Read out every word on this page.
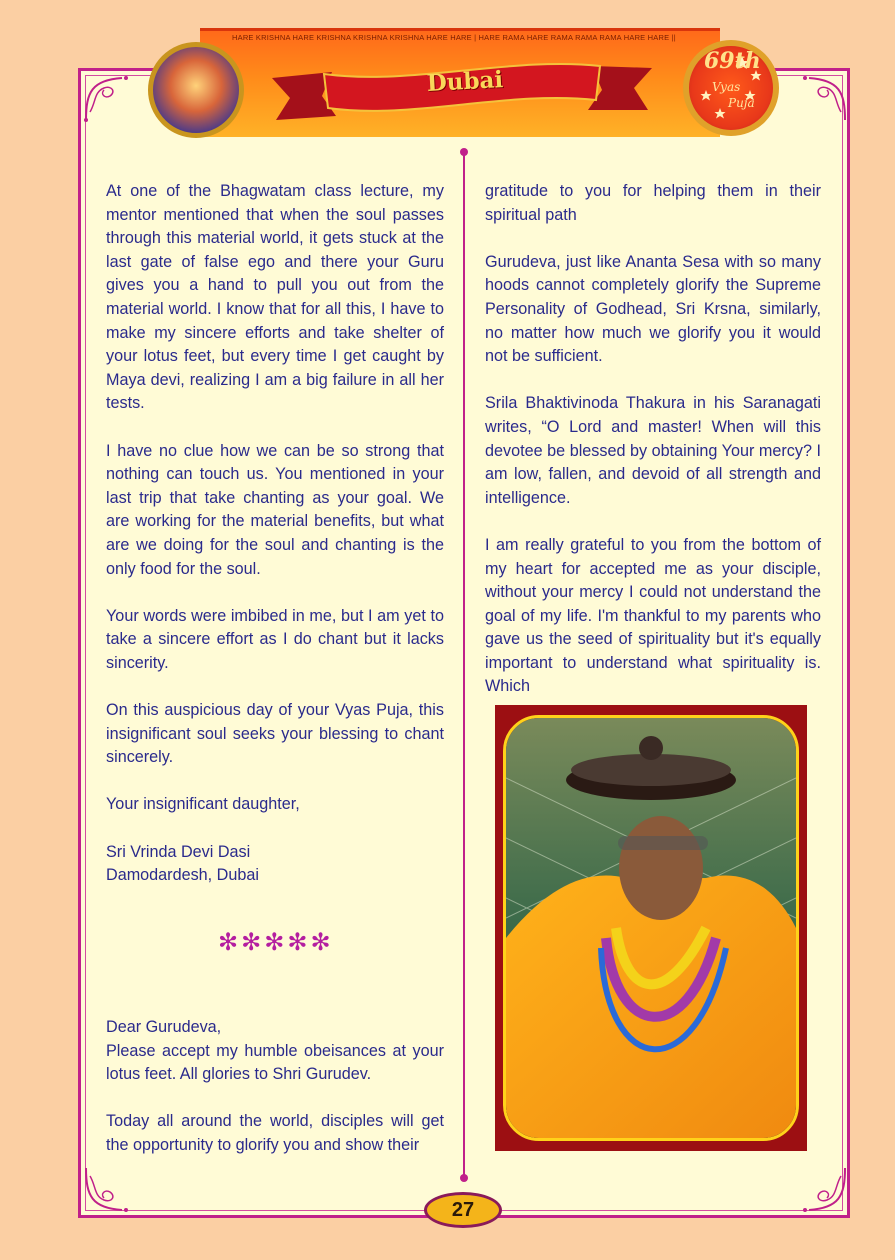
HARE KRISHNA HARE KRISHNA KRISHNA KRISHNA HARE HARE | HARE RAMA HARE RAMA RAMA RAMA HARE HARE ||
Dubai
69th
Vyas
Puja

At one of the Bhagwatam class lecture, my mentor mentioned that when the soul passes through this material world, it gets stuck at the last gate of false ego and there your Guru gives you a hand to pull you out from the material world. I know that for all this, I have to make my sincere efforts and take shelter of your lotus feet, but every time I get caught by Maya devi, realizing I am a big failure in all her tests.

I have no clue how we can be so strong that nothing can touch us. You mentioned in your last trip that take chanting as your goal. We are working for the material benefits, but what are we doing for the soul and chanting is the only food for the soul.

Your words were imbibed in me, but I am yet to take a sincere effort as I do chant but it lacks sincerity.

On this auspicious day of your Vyas Puja, this insignificant soul seeks your blessing to chant sincerely.

Your insignificant daughter,

Sri Vrinda Devi Dasi

Damodardesh, Dubai

✻✻✻✻✻

Dear Gurudeva,

Please accept my humble obeisances at your lotus feet. All glories to Shri Gurudev.

Today all around the world, disciples will get the opportunity to glorify you and show their

gratitude to you for helping them in their spiritual path

Gurudeva, just like Ananta Sesa with so many hoods cannot completely glorify the Supreme Personality of Godhead, Sri Krsna, similarly, no matter how much we glorify you it would not be sufficient.

Srila Bhaktivinoda Thakura in his Saranagati writes, “O Lord and master! When will this devotee be blessed by obtaining Your mercy? I am low, fallen, and devoid of all strength and intelligence.

I am really grateful to you from the bottom of my heart for accepted me as your disciple, without your mercy I could not understand the goal of my life. I'm thankful to my parents who gave us the seed of spirituality but it's equally important to understand what spirituality is. Which

27
